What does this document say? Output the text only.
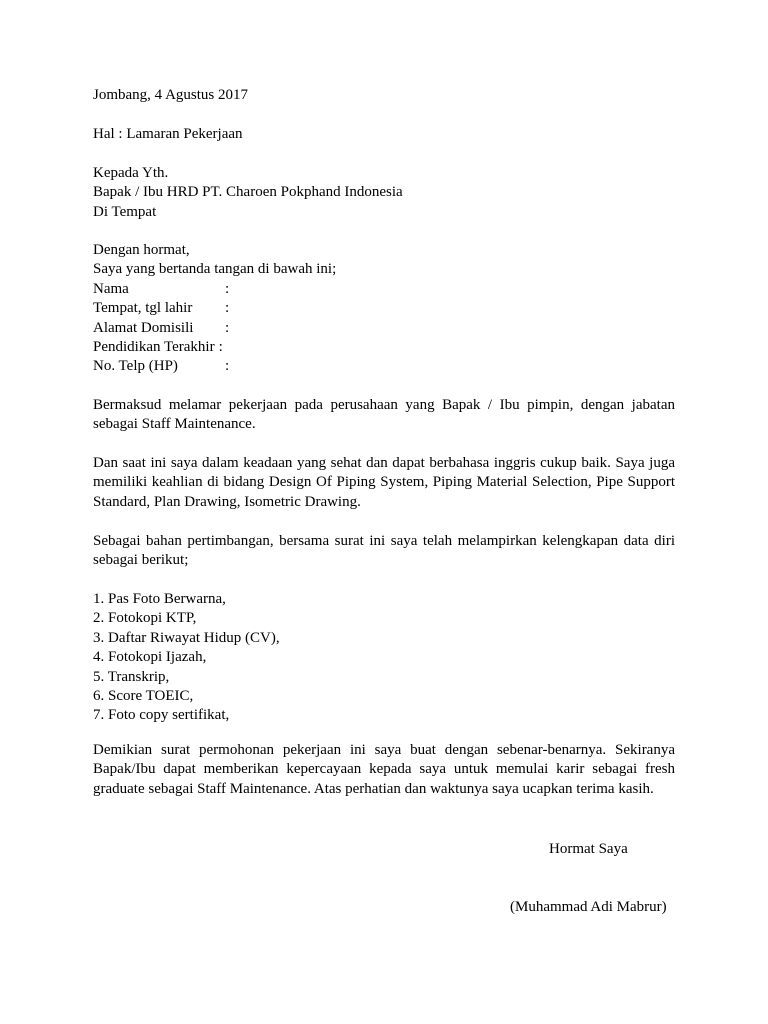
Jombang, 4 Agustus 2017
Hal : Lamaran Pekerjaan
Kepada Yth.
Bapak / Ibu HRD PT. Charoen Pokphand Indonesia
Di Tempat
Dengan hormat,
Saya yang bertanda tangan di bawah ini;
Nama	:
Tempat, tgl lahir :
Alamat Domisili :
Pendidikan Terakhir :
No. Telp (HP)	:
Bermaksud melamar pekerjaan pada perusahaan yang Bapak / Ibu pimpin, dengan jabatan sebagai Staff Maintenance.
Dan saat ini saya dalam keadaan yang sehat dan dapat berbahasa inggris cukup baik. Saya juga memiliki keahlian di bidang Design Of Piping System, Piping Material Selection, Pipe Support Standard, Plan Drawing, Isometric Drawing.
Sebagai bahan pertimbangan, bersama surat ini saya telah melampirkan kelengkapan data diri sebagai berikut;
1. Pas Foto Berwarna,
2. Fotokopi KTP,
3. Daftar Riwayat Hidup (CV),
4. Fotokopi Ijazah,
5. Transkrip,
6. Score TOEIC,
7. Foto copy sertifikat,
Demikian surat permohonan pekerjaan ini saya buat dengan sebenar-benarnya. Sekiranya Bapak/Ibu dapat memberikan kepercayaan kepada saya untuk memulai karir sebagai fresh graduate sebagai Staff Maintenance. Atas perhatian dan waktunya saya ucapkan terima kasih.
Hormat Saya
(Muhammad Adi Mabrur)
